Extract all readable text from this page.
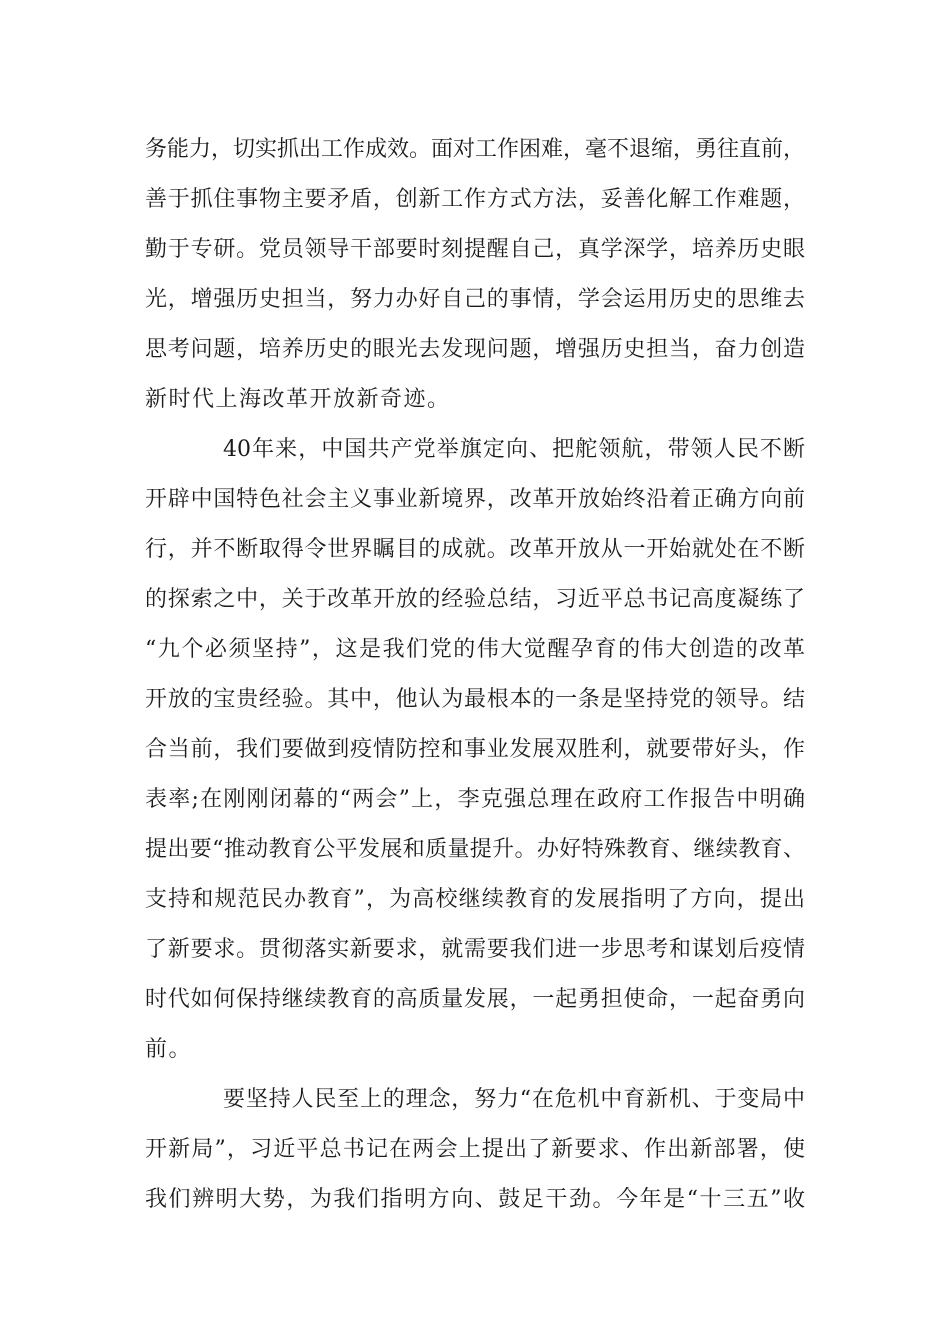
务能力，切实抓出工作成效。面对工作困难，毫不退缩，勇往直前，
善于抓住事物主要矛盾，创新工作方式方法，妥善化解工作难题，
勤于专研。党员领导干部要时刻提醒自己，真学深学，培养历史眼
光，增强历史担当，努力办好自己的事情，学会运用历史的思维去
思考问题，培养历史的眼光去发现问题，增强历史担当，奋力创造
新时代上海改革开放新奇迹。
40年来，中国共产党举旗定向、把舵领航，带领人民不断
开辟中国特色社会主义事业新境界，改革开放始终沿着正确方向前
行，并不断取得令世界瞩目的成就。改革开放从一开始就处在不断
的探索之中，关于改革开放的经验总结，习近平总书记高度凝练了
“九个必须坚持”，这是我们党的伟大觉醒孕育的伟大创造的改革
开放的宝贵经验。其中，他认为最根本的一条是坚持党的领导。结
合当前，我们要做到疫情防控和事业发展双胜利，就要带好头，作
表率;在刚刚闭幕的“两会”上，李克强总理在政府工作报告中明确
提出要“推动教育公平发展和质量提升。办好特殊教育、继续教育、
支持和规范民办教育”，为高校继续教育的发展指明了方向，提出
了新要求。贯彻落实新要求，就需要我们进一步思考和谋划后疫情
时代如何保持继续教育的高质量发展，一起勇担使命，一起奋勇向
前。
要坚持人民至上的理念，努力“在危机中育新机、于变局中
开新局”，习近平总书记在两会上提出了新要求、作出新部署，使
我们辨明大势，为我们指明方向、鼓足干劲。今年是“十三五”收
